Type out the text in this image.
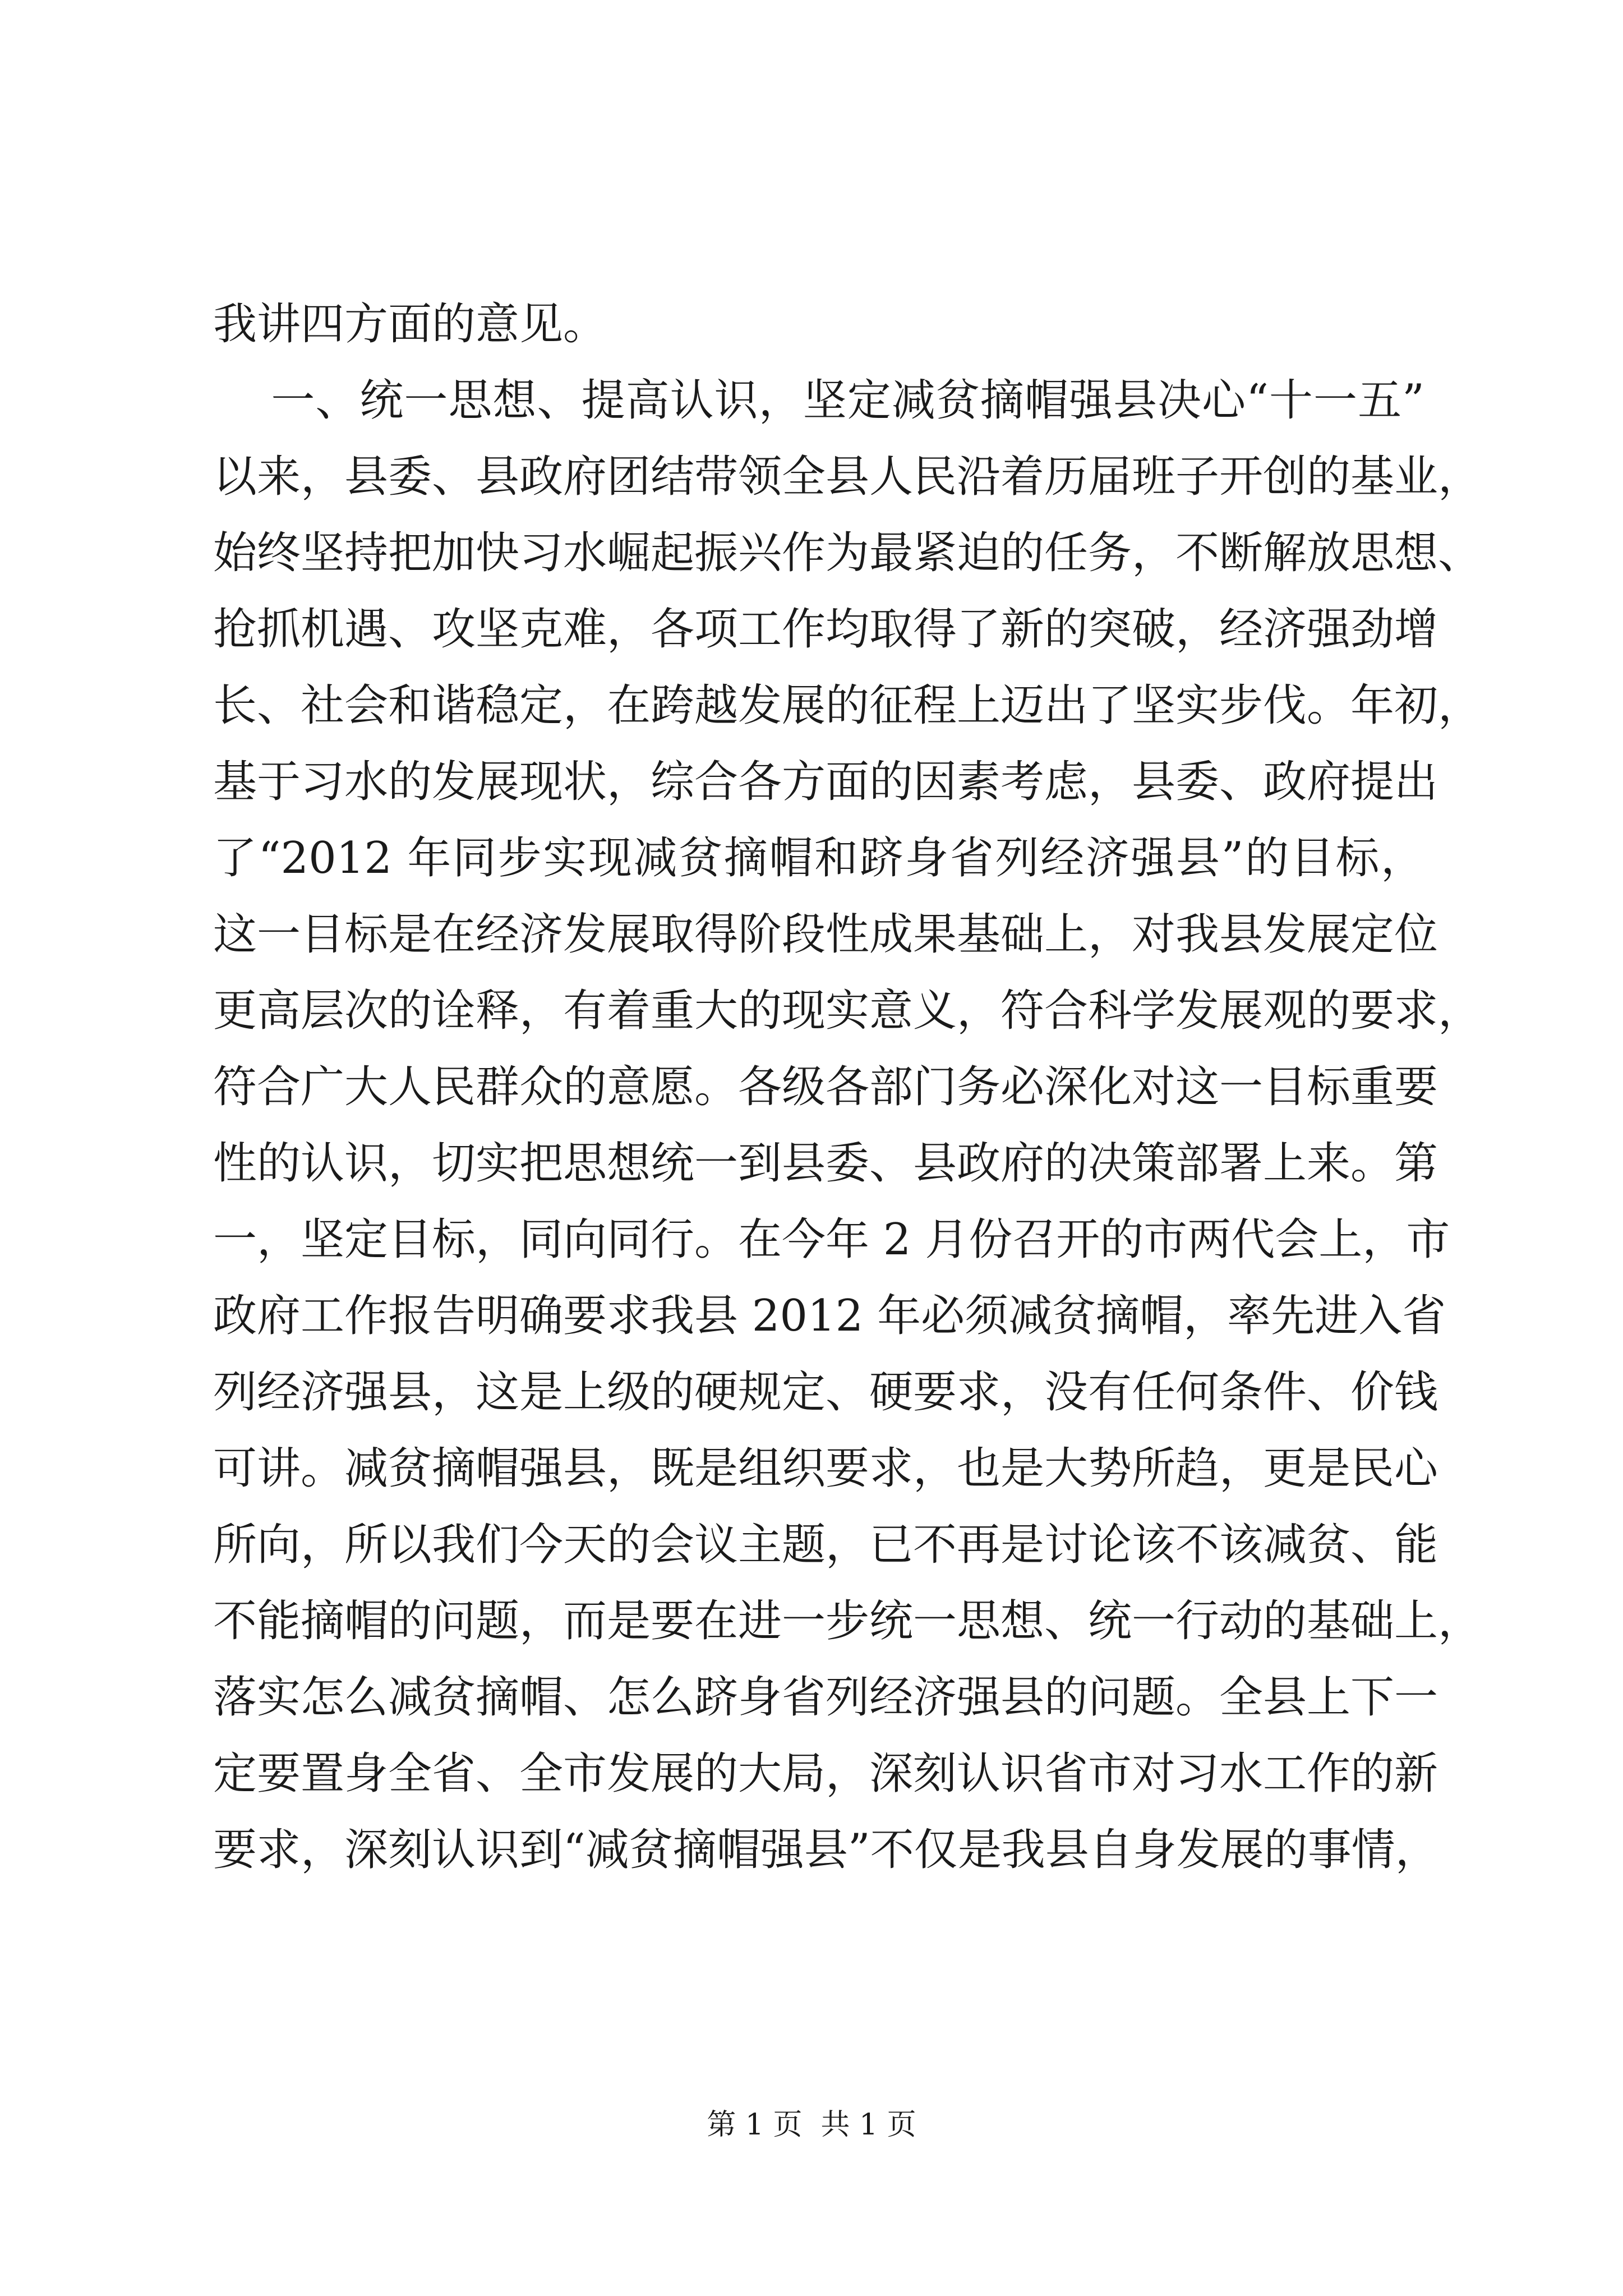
我讲四方面的意见。
一、统一思想、提高认识，坚定减贫摘帽强县决心“十一五”
以来，县委、县政府团结带领全县人民沿着历届班子开创的基业，
始终坚持把加快习水崛起振兴作为最紧迫的任务，不断解放思想、
抢抓机遇、攻坚克难，各项工作均取得了新的突破，经济强劲增
长、社会和谐稳定，在跨越发展的征程上迈出了坚实步伐。年初，
基于习水的发展现状，综合各方面的因素考虑，县委、政府提出
了“2012 年同步实现减贫摘帽和跻身省列经济强县”的目标，
这一目标是在经济发展取得阶段性成果基础上，对我县发展定位
更高层次的诠释，有着重大的现实意义，符合科学发展观的要求，
符合广大人民群众的意愿。各级各部门务必深化对这一目标重要
性的认识，切实把思想统一到县委、县政府的决策部署上来。第
一，坚定目标，同向同行。在今年 2 月份召开的市两代会上，市
政府工作报告明确要求我县 2012 年必须减贫摘帽，率先进入省
列经济强县，这是上级的硬规定、硬要求，没有任何条件、价钱
可讲。减贫摘帽强县，既是组织要求，也是大势所趋，更是民心
所向，所以我们今天的会议主题，已不再是讨论该不该减贫、能
不能摘帽的问题，而是要在进一步统一思想、统一行动的基础上，
落实怎么减贫摘帽、怎么跻身省列经济强县的问题。全县上下一
定要置身全省、全市发展的大局，深刻认识省市对习水工作的新
要求，深刻认识到“减贫摘帽强县”不仅是我县自身发展的事情，
第 1 页  共 1 页
